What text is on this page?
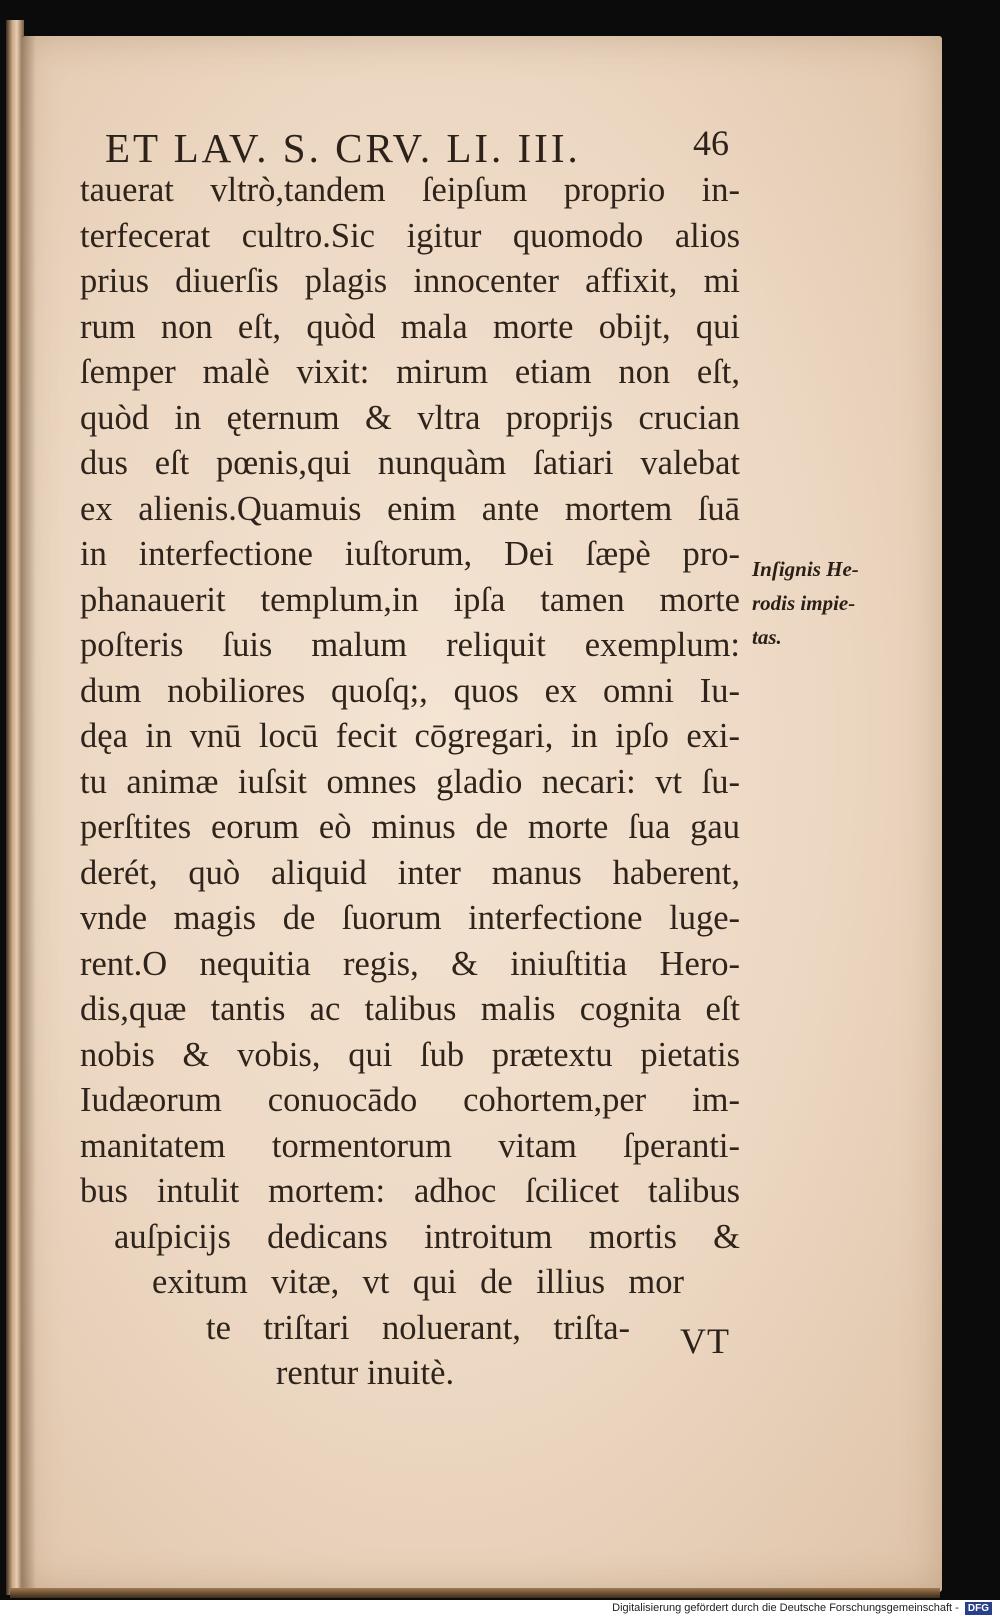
ET LAV. S. CRV. LI. III.	46
tauerat vltrò,tandem ſeipſum proprio in-
terfecerat cultro.Sic igitur quomodo alios
prius diuerſis plagis innocenter affixit, mi
rum non eſt, quòd mala morte obijt, qui
ſemper malè vixit: mirum etiam non eſt,
quòd in ęternum & vltra proprijs crucian
dus eſt pœnis,qui nunquàm ſatiari valebat
ex alienis.Quamuis enim ante mortem ſuā
in interfectione iuſtorum, Dei ſæpè pro-
phanauerit templum,in ipſa tamen morte
poſteris ſuis malum reliquit exemplum:
dum nobiliores quoſq;, quos ex omni Iu-
dęa in vnū locū fecit cōgregari, in ipſo exi-
tu animæ iuſsit omnes gladio necari: vt ſu-
perſtites eorum eò minus de morte ſua gau
derét, quò aliquid inter manus haberent,
vnde magis de ſuorum interfectione luge-
rent.O nequitia regis, & iniuſtitia Hero-
dis,quæ tantis ac talibus malis cognita eſt
nobis & vobis, qui ſub prætextu pietatis
Iudæorum conuocādo cohortem,per im-
manitatem tormentorum vitam ſperanti-
bus intulit mortem: adhoc ſcilicet talibus
auſpicijs dedicans introitum mortis &
exitum vitæ, vt qui de illius mor
te triſtari noluerant, triſta-
rentur inuitè.
VT
Inſignis He-
rodis impie-
tas.
Digitalisierung gefördert durch die Deutsche Forschungsgemeinschaft - DFG
